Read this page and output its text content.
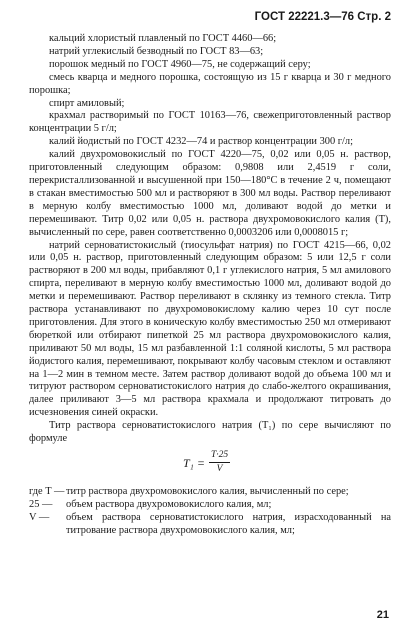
ГОСТ 22221.3—76 Стр. 2

кальций хлористый плавленый по ГОСТ 4460—66;

натрий углекислый безводный по ГОСТ 83—63;

порошок медный по ГОСТ 4960—75, не содержащий серу;

смесь кварца и медного порошка, состоящую из 15 г кварца и 30 г медного порошка;

спирт амиловый;

крахмал растворимый по ГОСТ 10163—76, свежеприготовленный раствор концентрации 5 г/л;

калий йодистый по ГОСТ 4232—74 и раствор концентрации 300 г/л;

калий двухромовокислый по ГОСТ 4220—75, 0,02 или 0,05 н. раствор, приготовленный следующим образом: 0,9808 или 2,4519 г соли, перекристаллизованной и высушенной при 150—180°С в течение 2 ч, помещают в стакан вместимостью 500 мл и растворяют в 300 мл воды. Раствор переливают в мерную колбу вместимостью 1000 мл, доливают водой до метки и перемешивают. Титр 0,02 или 0,05 н. раствора двухромовокислого калия (Т), вычисленный по сере, равен соответственно 0,0003206 или 0,0008015 г;

натрий серноватистокислый (тиосульфат натрия) по ГОСТ 4215—66, 0,02 или 0,05 н. раствор, приготовленный следующим образом: 5 или 12,5 г соли растворяют в 200 мл воды, прибавляют 0,1 г углекислого натрия, 5 мл амилового спирта, переливают в мерную колбу вместимостью 1000 мл, доливают водой до метки и перемешивают. Раствор переливают в склянку из темного стекла. Титр раствора устанавливают по двухромовокислому калию через 10 сут после приготовления. Для этого в коническую колбу вместимостью 250 мл отмеривают бюреткой или отбирают пипеткой 25 мл раствора двухромовокислого калия, приливают 50 мл воды, 15 мл разбавленной 1:1 соляной кислоты, 5 мл раствора йодистого калия, перемешивают, покрывают колбу часовым стеклом и оставляют на 1—2 мин в темном месте. Затем раствор доливают водой до объема 100 мл и титруют раствором серноватистокислого натрия до слабо-желтого окрашивания, далее приливают 3—5 мл раствора крахмала и продолжают титровать до исчезновения синей окраски.

Титр раствора серноватистокислого натрия (T₁) по сере вычисляют по формуле

$T_1 = \frac{T\cdot 25}{V}$
где T — титр раствора двухромовокислого калия, вычисленный по сере;
25 —	объем раствора двухромовокислого калия, мл;
V —	объем раствора серноватистокислого натрия, израсходованный на титрование раствора двухромовокислого калия, мл;
21
